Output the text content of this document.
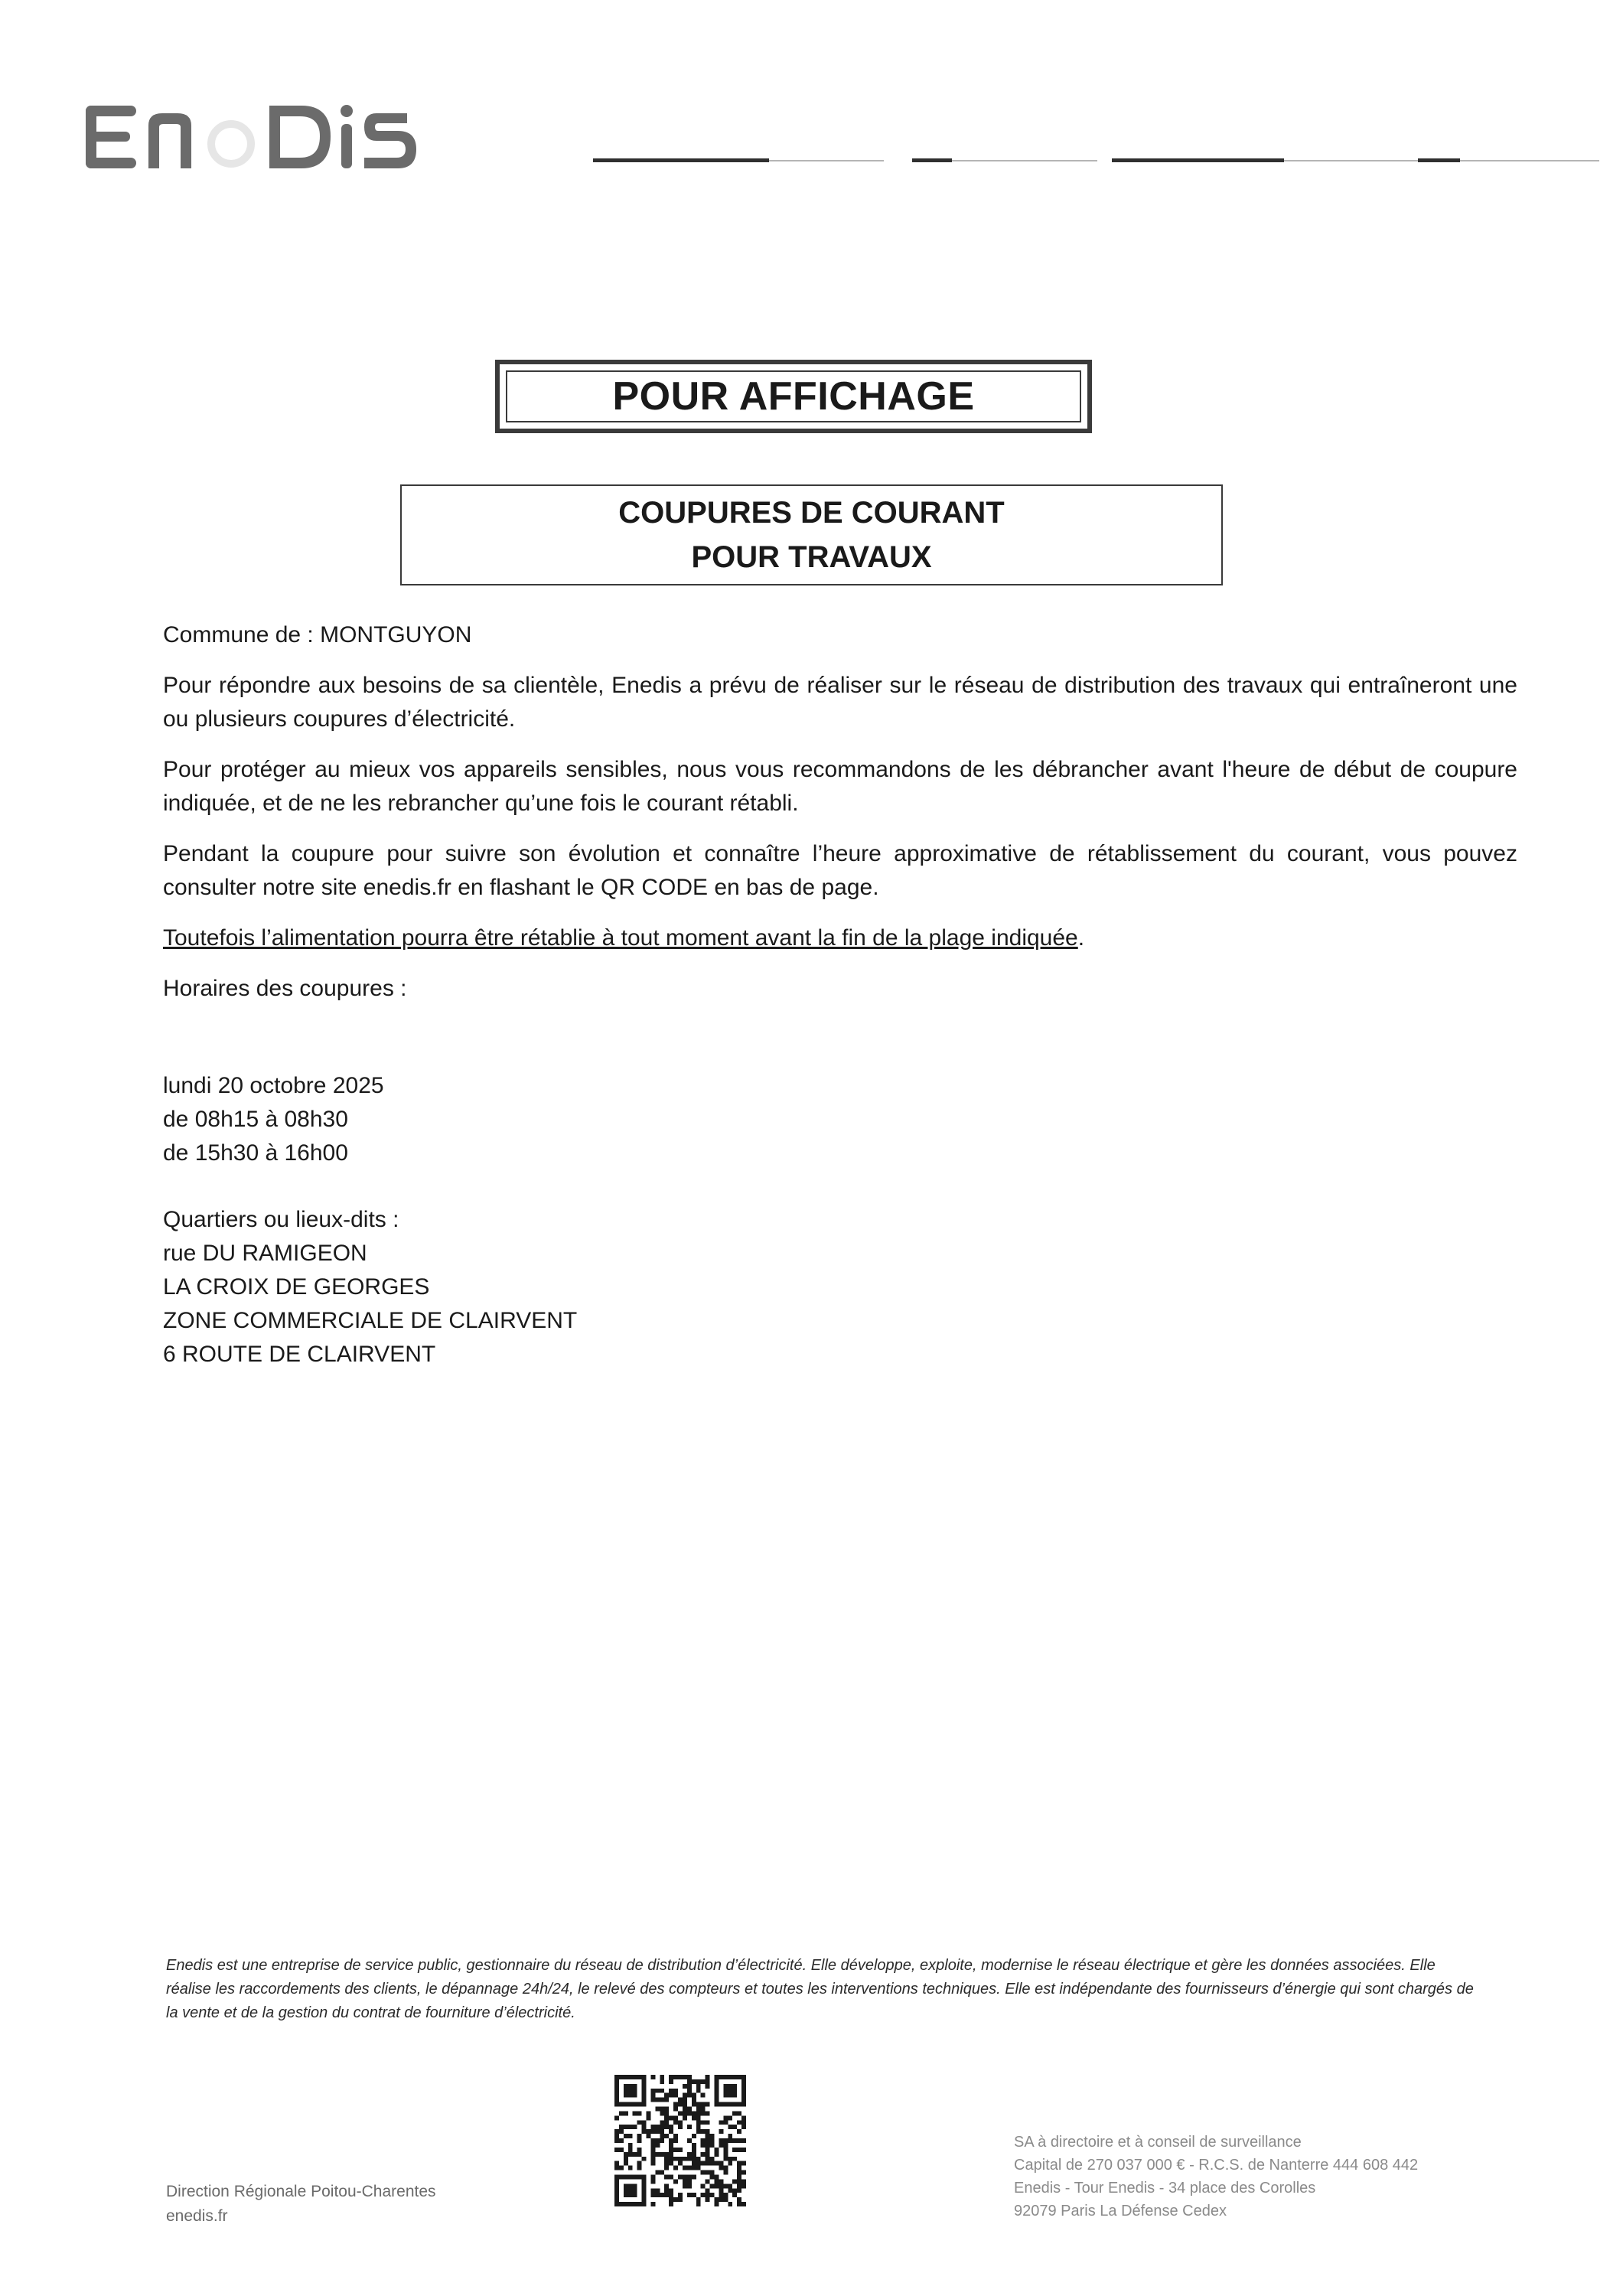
POUR AFFICHAGE
COUPURES DE COURANT
POUR TRAVAUX

Commune de : MONTGUYON

Pour répondre aux besoins de sa clientèle, Enedis a prévu de réaliser sur le réseau de distribution des travaux qui entraîneront une ou plusieurs coupures d’électricité.

Pour protéger au mieux vos appareils sensibles, nous vous recommandons de les débrancher avant l'heure de début de coupure indiquée, et de ne les rebrancher qu’une fois le courant rétabli.

Pendant la coupure pour suivre son évolution et connaître l’heure approximative de rétablissement du courant, vous pouvez consulter notre site enedis.fr en flashant le QR CODE en bas de page.

Toutefois l’alimentation pourra être rétablie à tout moment avant la fin de la plage indiquée.

Horaires des coupures :

lundi 20 octobre 2025
de 08h15 à 08h30
de 15h30 à 16h00
Quartiers ou lieux-dits :
rue DU RAMIGEON
LA CROIX DE GEORGES
ZONE COMMERCIALE DE CLAIRVENT
6 ROUTE DE CLAIRVENT
Enedis est une entreprise de service public, gestionnaire du réseau de distribution d’électricité. Elle développe, exploite, modernise le réseau électrique et gère les données associées. Elle réalise les raccordements des clients, le dépannage 24h/24, le relevé des compteurs et toutes les interventions techniques. Elle est indépendante des fournisseurs d’énergie qui sont chargés de la vente et de la gestion du contrat de fourniture d’électricité.
Direction Régionale Poitou-Charentes
enedis.fr
SA à directoire et à conseil de surveillance
Capital de 270 037 000 € - R.C.S. de Nanterre 444 608 442
Enedis - Tour Enedis - 34 place des Corolles
92079 Paris La Défense Cedex
